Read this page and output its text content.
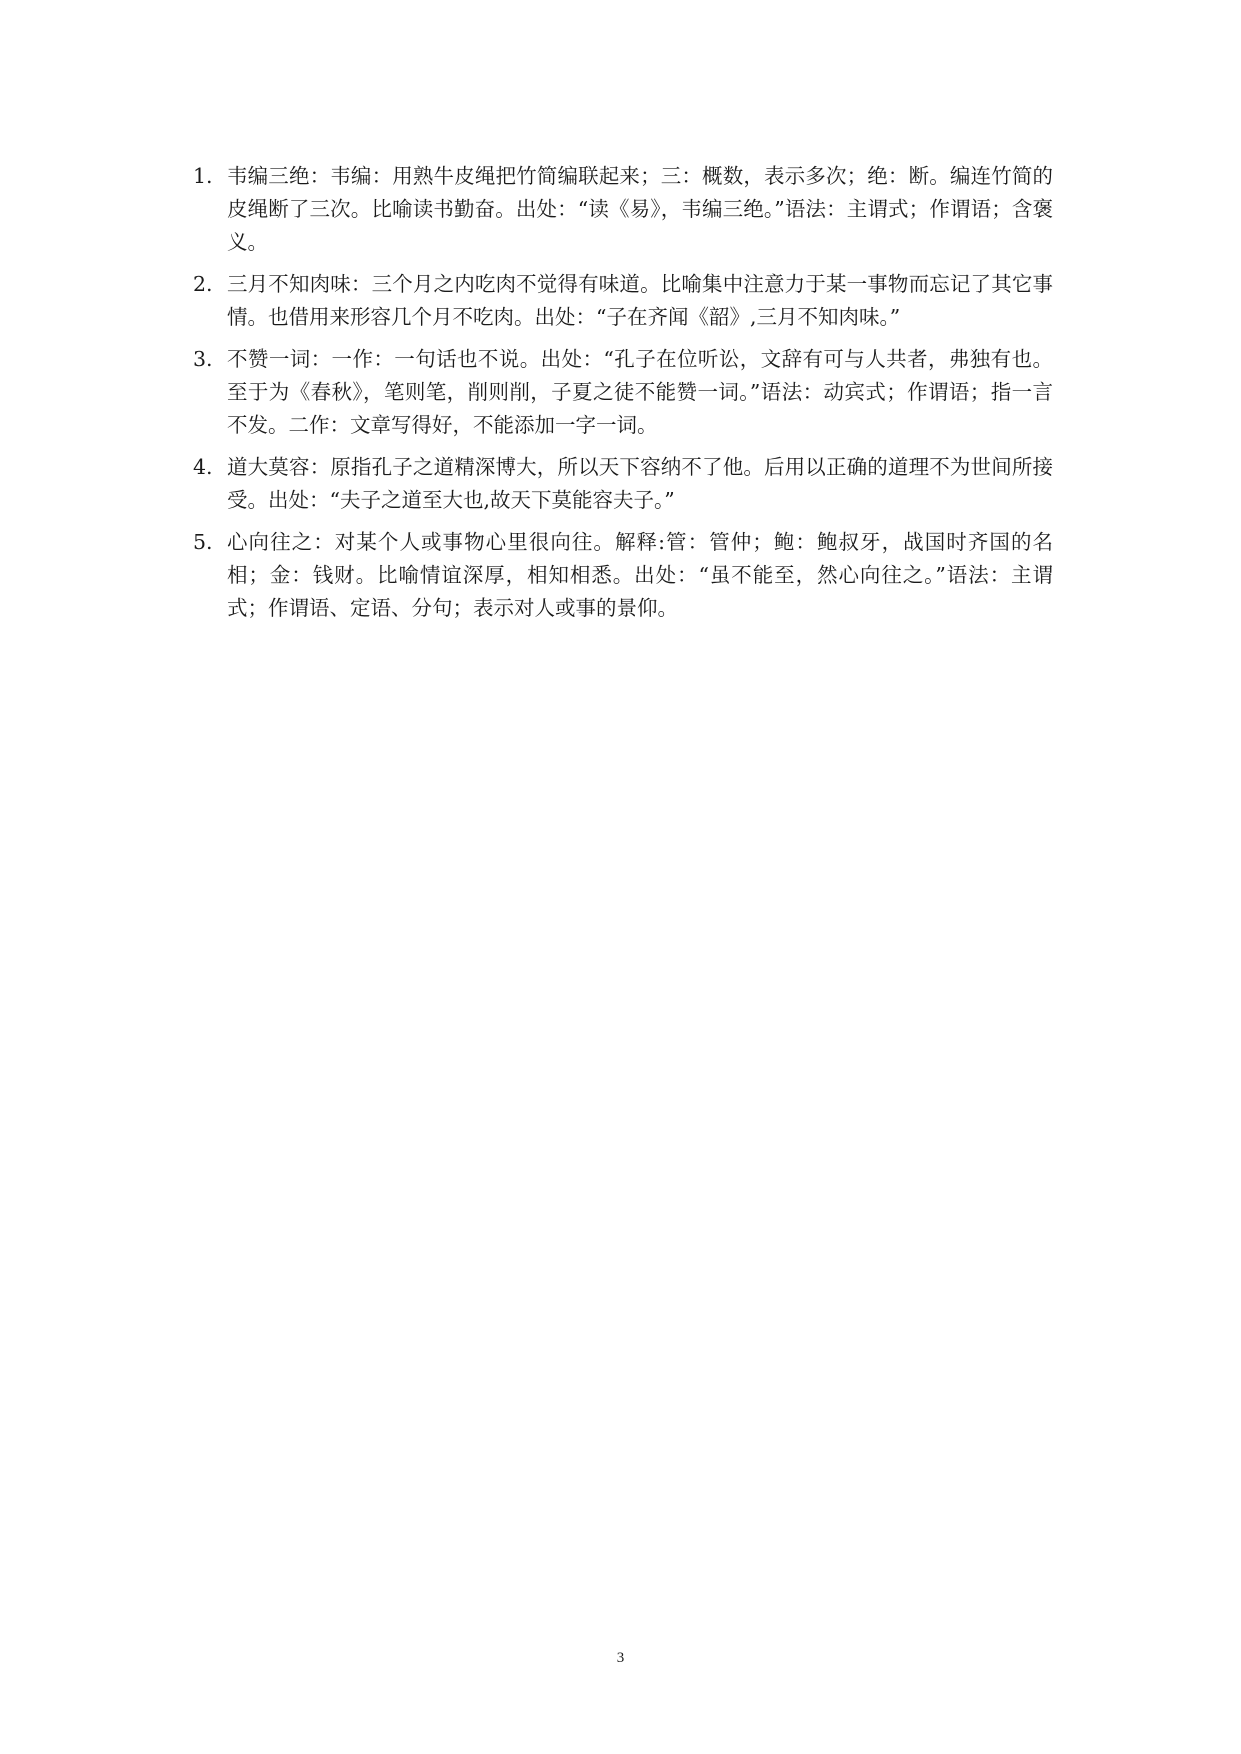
1. 韦编三绝：韦编：用熟牛皮绳把竹简编联起来；三：概数，表示多次；绝：断。编连竹简的皮绳断了三次。比喻读书勤奋。出处：“读《易》，韦编三绝。”语法：主谓式；作谓语；含褒义。
2. 三月不知肉味：三个月之内吃肉不觉得有味道。比喻集中注意力于某一事物而忘记了其它事情。也借用来形容几个月不吃肉。出处：“子在齐闻《韶》,三月不知肉味。”
3. 不赞一词：一作：一句话也不说。出处：“孔子在位听讼，文辞有可与人共者，弗独有也。至于为《春秋》，笔则笔，削则削，子夏之徒不能赞一词。”语法：动宾式；作谓语；指一言不发。二作：文章写得好，不能添加一字一词。
4. 道大莫容：原指孔子之道精深博大，所以天下容纳不了他。后用以正确的道理不为世间所接受。出处：“夫子之道至大也,故天下莫能容夫子。”
5. 心向往之：对某个人或事物心里很向往。解释:管：管仲；鲍：鲍叔牙，战国时齐国的名相；金：钱财。比喻情谊深厚，相知相悉。出处：“虽不能至，然心向往之。”语法：主谓式；作谓语、定语、分句；表示对人或事的景仰。
3
